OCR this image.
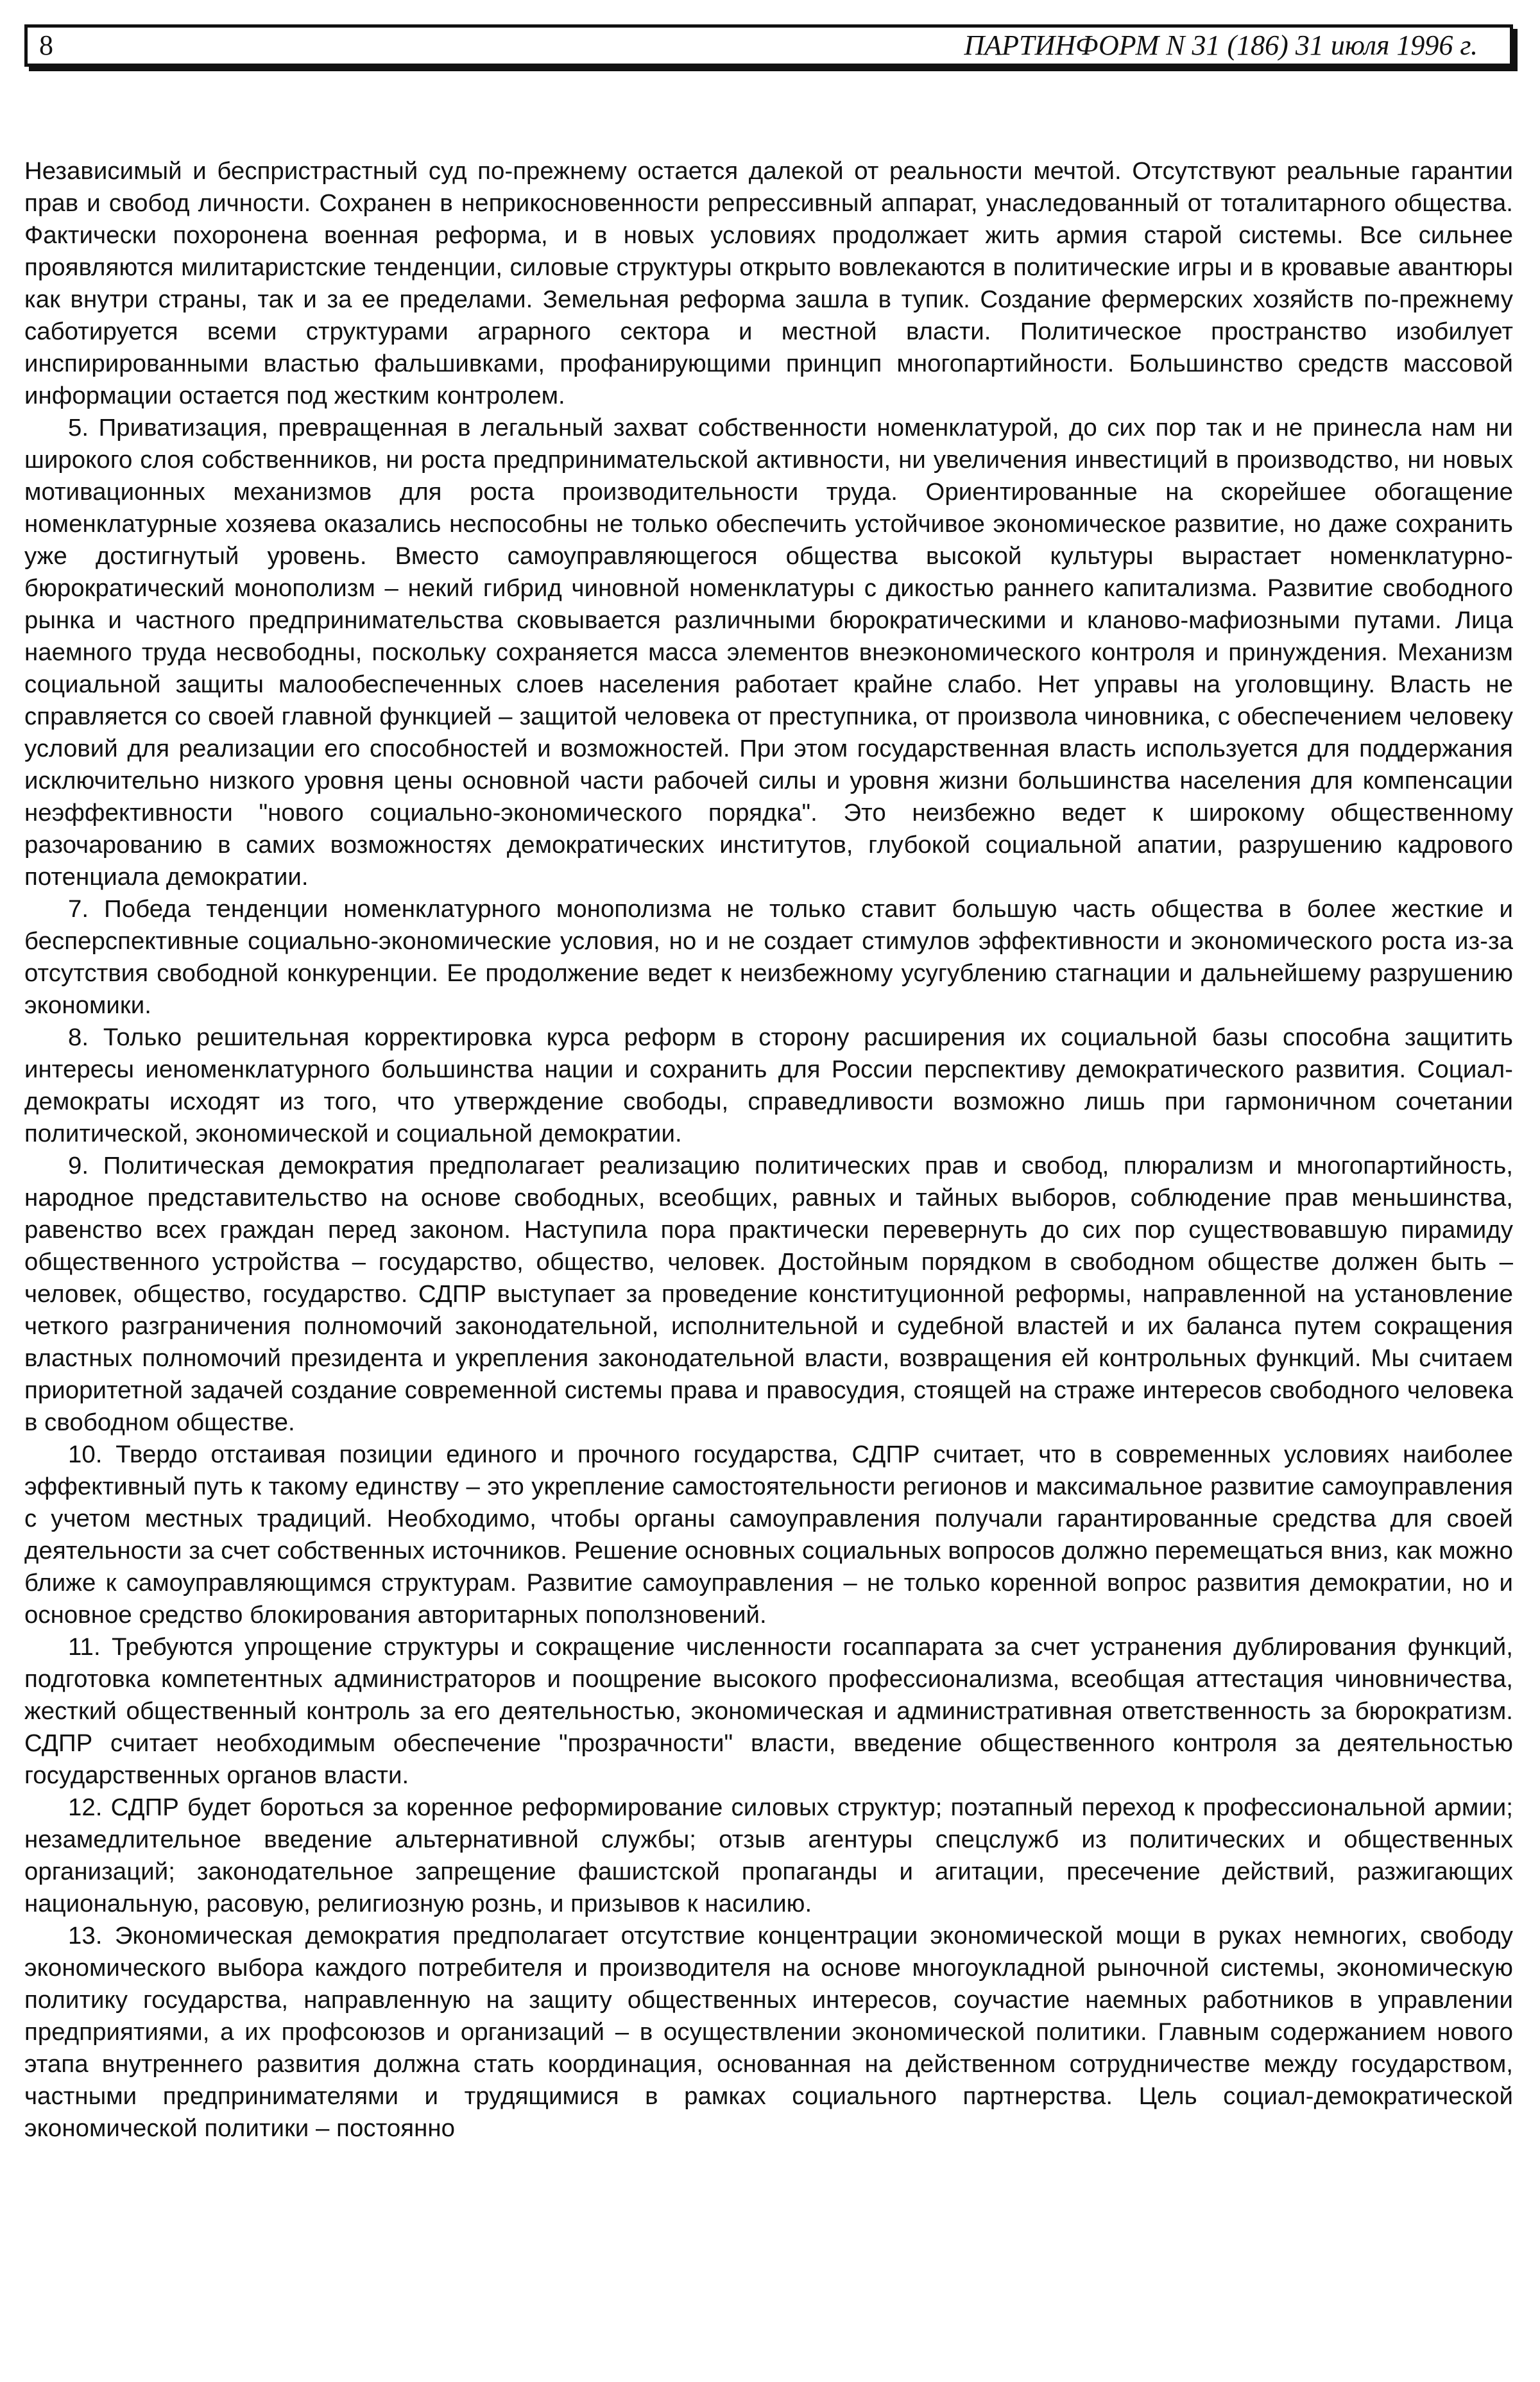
8	ПАРТИНФОРМ N 31 (186) 31 июля 1996 г.

Независимый и беспристрастный суд по-прежнему остается далекой от реальности мечтой. Отсутствуют реальные гарантии прав и свобод личности. Сохранен в неприкосновенности репрессивный аппарат, унаследованный от тоталитарного общества. Фактически похоронена военная реформа, и в новых условиях продолжает жить армия старой системы. Все сильнее проявляются милитаристские тенденции, силовые структуры открыто вовлекаются в политические игры и в кровавые авантюры как внутри страны, так и за ее пределами. Земельная реформа зашла в тупик. Создание фермерских хозяйств по-прежнему саботируется всеми структурами аграрного сектора и местной власти. Политическое пространство изобилует инспирированными властью фальшивками, профанирующими принцип многопартийности. Большинство средств массовой информации остается под жестким контролем.

5. Приватизация, превращенная в легальный захват собственности номенклатурой, до сих пор так и не принесла нам ни широкого слоя собственников, ни роста предпринимательской активности, ни увеличения инвестиций в производство, ни новых мотивационных механизмов для роста производительности труда. Ориентированные на скорейшее обогащение номенклатурные хозяева оказались неспособны не только обеспечить устойчивое экономическое развитие, но даже сохранить уже достигнутый уровень. Вместо самоуправляющегося общества высокой культуры вырастает номенклатурно-бюрократический монополизм – некий гибрид чиновной номенклатуры с дикостью раннего капитализма. Развитие свободного рынка и частного предпринимательства сковывается различными бюрократическими и кланово-мафиозными путами. Лица наемного труда несвободны, поскольку сохраняется масса элементов внеэкономического контроля и принуждения. Механизм социальной защиты малообеспеченных слоев населения работает крайне слабо. Нет управы на уголовщину. Власть не справляется со своей главной функцией – защитой человека от преступника, от произвола чиновника, с обеспечением человеку условий для реализации его способностей и возможностей. При этом государственная власть используется для поддержания исключительно низкого уровня цены основной части рабочей силы и уровня жизни большинства населения для компенсации неэффективности "нового социально-экономического порядка". Это неизбежно ведет к широкому общественному разочарованию в самих возможностях демократических институтов, глубокой социальной апатии, разрушению кадрового потенциала демократии.

7. Победа тенденции номенклатурного монополизма не только ставит большую часть общества в более жесткие и бесперспективные социально-экономические условия, но и не создает стимулов эффективности и экономического роста из-за отсутствия свободной конкуренции. Ее продолжение ведет к неизбежному усугублению стагнации и дальнейшему разрушению экономики.

8. Только решительная корректировка курса реформ в сторону расширения их социальной базы способна защитить интересы иеноменклатурного большинства нации и сохранить для России перспективу демократического развития. Социал-демократы исходят из того, что утверждение свободы, справедливости возможно лишь при гармоничном сочетании политической, экономической и социальной демократии.

9. Политическая демократия предполагает реализацию политических прав и свобод, плюрализм и многопартийность, народное представительство на основе свободных, всеобщих, равных и тайных выборов, соблюдение прав меньшинства, равенство всех граждан перед законом. Наступила пора практически перевернуть до сих пор существовавшую пирамиду общественного устройства – государство, общество, человек. Достойным порядком в свободном обществе должен быть – человек, общество, государство. СДПР выступает за проведение конституционной реформы, направленной на установление четкого разграничения полномочий законодательной, исполнительной и судебной властей и их баланса путем сокращения властных полномочий президента и укрепления законодательной власти, возвращения ей контрольных функций. Мы считаем приоритетной задачей создание современной системы права и правосудия, стоящей на страже интересов свободного человека в свободном обществе.

10. Твердо отстаивая позиции единого и прочного государства, СДПР считает, что в современных условиях наиболее эффективный путь к такому единству – это укрепление самостоятельности регионов и максимальное развитие самоуправления с учетом местных традиций. Необходимо, чтобы органы самоуправления получали гарантированные средства для своей деятельности за счет собственных источников. Решение основных социальных вопросов должно перемещаться вниз, как можно ближе к самоуправляющимся структурам. Развитие самоуправления – не только коренной вопрос развития демократии, но и основное средство блокирования авторитарных поползновений.

11. Требуются упрощение структуры и сокращение численности госаппарата за счет устранения дублирования функций, подготовка компетентных администраторов и поощрение высокого профессионализма, всеобщая аттестация чиновничества, жесткий общественный контроль за его деятельностью, экономическая и административная ответственность за бюрократизм. СДПР считает необходимым обеспечение "прозрачности" власти, введение общественного контроля за деятельностью государственных органов власти.

12. СДПР будет бороться за коренное реформирование силовых структур; поэтапный переход к профессиональной армии; незамедлительное введение альтернативной службы; отзыв агентуры спецслужб из политических и общественных организаций; законодательное запрещение фашистской пропаганды и агитации, пресечение действий, разжигающих национальную, расовую, религиозную рознь, и призывов к насилию.

13. Экономическая демократия предполагает отсутствие концентрации экономической мощи в руках немногих, свободу экономического выбора каждого потребителя и производителя на основе многоукладной рыночной системы, экономическую политику государства, направленную на защиту общественных интересов, соучастие наемных работников в управлении предприятиями, а их профсоюзов и организаций – в осуществлении экономической политики. Главным содержанием нового этапа внутреннего развития должна стать координация, основанная на действенном сотрудничестве между государством, частными предпринимателями и трудящимися в рамках социального партнерства. Цель социал-демократической экономической политики – постоянно
